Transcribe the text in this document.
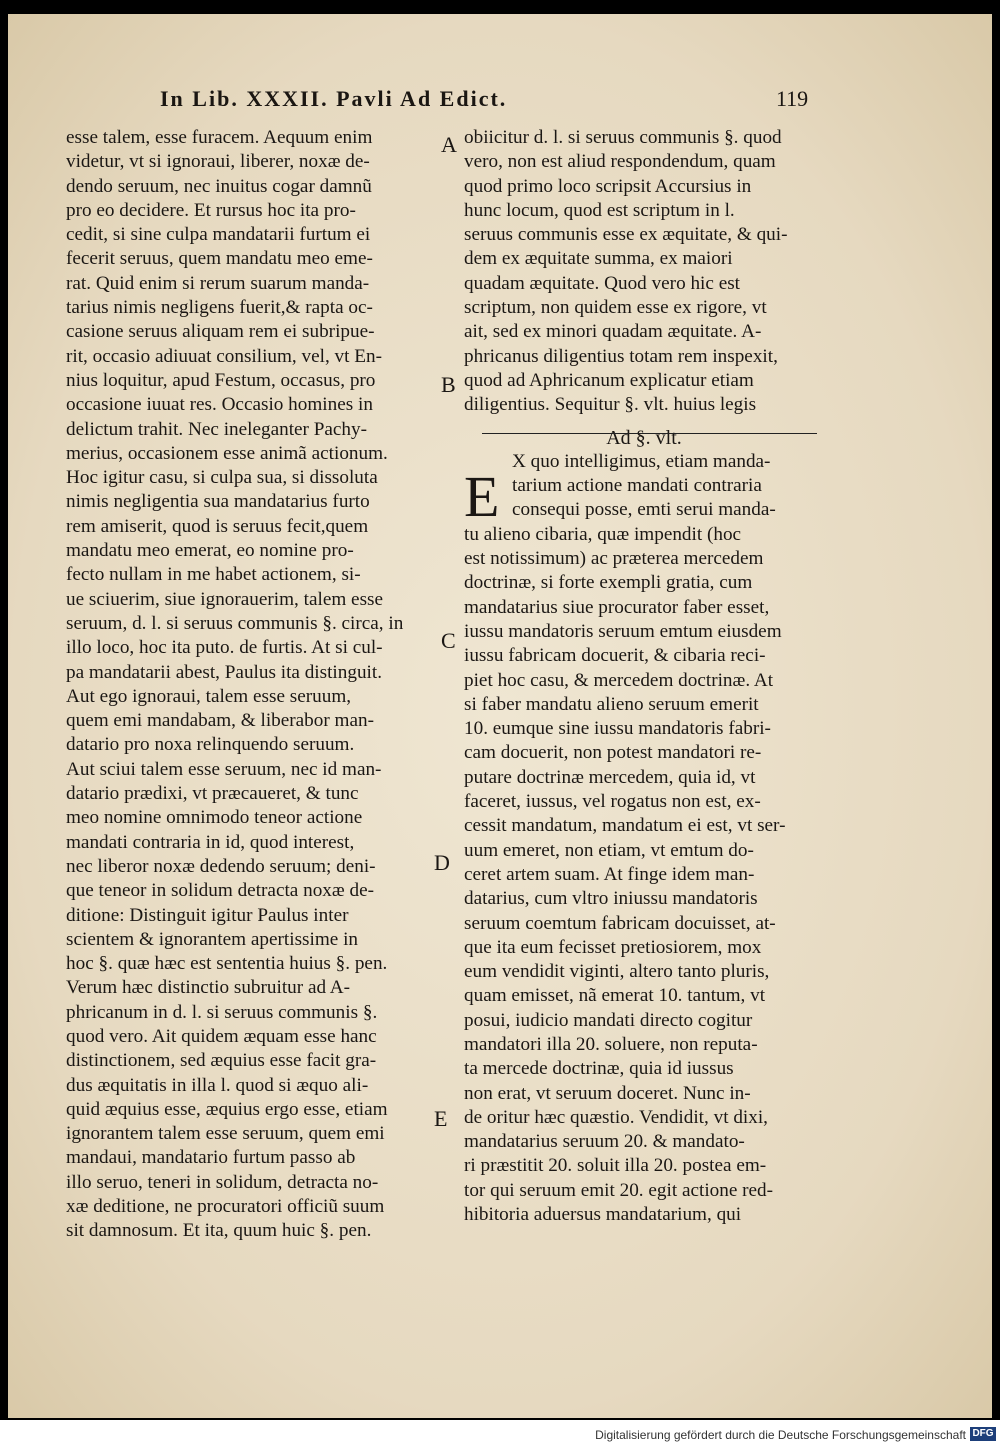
In Lib. XXXII. Pavli Ad Edict.	119
A
B
C
D
E
esse talem, esse furacem. Aequum enim
videtur, vt si ignoraui, liberer, noxæ de-
dendo seruum, nec inuitus cogar damnũ
pro eo decidere. Et rursus hoc ita pro-
cedit, si sine culpa mandatarii furtum ei
fecerit seruus, quem mandatu meo eme-
rat. Quid enim si rerum suarum manda-
tarius nimis negligens fuerit,& rapta oc-
casione seruus aliquam rem ei subripue-
rit, occasio adiuuat consilium, vel, vt En-
nius loquitur, apud Festum, occasus, pro
occasione iuuat res. Occasio homines in
delictum trahit. Nec ineleganter Pachy-
merius, occasionem esse animã actionum.
Hoc igitur casu, si culpa sua, si dissoluta
nimis negligentia sua mandatarius furto
rem amiserit, quod is seruus fecit,quem
mandatu meo emerat, eo nomine pro-
fecto nullam in me habet actionem, si-
ue sciuerim, siue ignorauerim, talem esse
seruum, d. l. si seruus communis §. circa, in
illo loco, hoc ita puto. de furtis. At si cul-
pa mandatarii abest, Paulus ita distinguit.
Aut ego ignoraui, talem esse seruum,
quem emi mandabam, & liberabor man-
datario pro noxa relinquendo seruum.
Aut sciui talem esse seruum, nec id man-
datario prædixi, vt præcaueret, & tunc
meo nomine omnimodo teneor actione
mandati contraria in id, quod interest,
nec liberor noxæ dedendo seruum; deni-
que teneor in solidum detracta noxæ de-
ditione: Distinguit igitur Paulus inter
scientem & ignorantem apertissime in
hoc §. quæ hæc est sententia huius §. pen.
Verum hæc distinctio subruitur ad A-
phricanum in d. l. si seruus communis §.
quod vero. Ait quidem æquam esse hanc
distinctionem, sed æquius esse facit gra-
dus æquitatis in illa l. quod si æquo ali-
quid æquius esse, æquius ergo esse, etiam
ignorantem talem esse seruum, quem emi
mandaui, mandatario furtum passo ab
illo seruo, teneri in solidum, detracta no-
xæ deditione, ne procuratori officiũ suum
sit damnosum. Et ita, quum huic §. pen.
obiicitur d. l. si seruus communis §. quod
vero, non est aliud respondendum, quam
quod primo loco scripsit Accursius in
hunc locum, quod est scriptum in l.
seruus communis esse ex æquitate, & qui-
dem ex æquitate summa, ex maiori
quadam æquitate. Quod vero hic est
scriptum, non quidem esse ex rigore, vt
ait, sed ex minori quadam æquitate. A-
phricanus diligentius totam rem inspexit,
quod ad Aphricanum explicatur etiam
diligentius. Sequitur §. vlt. huius legis
Ad §. vlt.
X quo intelligimus, etiam manda-
tarium actione mandati contraria
consequi posse, emti serui manda-
tu alieno cibaria, quæ impendit (hoc
est notissimum) ac præterea mercedem
doctrinæ, si forte exempli gratia, cum
mandatarius siue procurator faber esset,
iussu mandatoris seruum emtum eiusdem
iussu fabricam docuerit, & cibaria reci-
piet hoc casu, & mercedem doctrinæ. At
si faber mandatu alieno seruum emerit
10. eumque sine iussu mandatoris fabri-
cam docuerit, non potest mandatori re-
putare doctrinæ mercedem, quia id, vt
faceret, iussus, vel rogatus non est, ex-
cessit mandatum, mandatum ei est, vt ser-
uum emeret, non etiam, vt emtum do-
ceret artem suam. At finge idem man-
datarius, cum vltro iniussu mandatoris
seruum coemtum fabricam docuisset, at-
que ita eum fecisset pretiosiorem, mox
eum vendidit viginti, altero tanto pluris,
quam emisset, nã emerat 10. tantum, vt
posui, iudicio mandati directo cogitur
mandatori illa 20. soluere, non reputa-
ta mercede doctrinæ, quia id iussus
non erat, vt seruum doceret. Nunc in-
de oritur hæc quæstio. Vendidit, vt dixi,
mandatarius seruum 20. & mandato-
ri præstitit 20. soluit illa 20. postea em-
tor qui seruum emit 20. egit actione red-
hibitoria aduersus mandatarium, qui
E
Digitalisierung gefördert durch die Deutsche Forschungsgemeinschaft DFG
